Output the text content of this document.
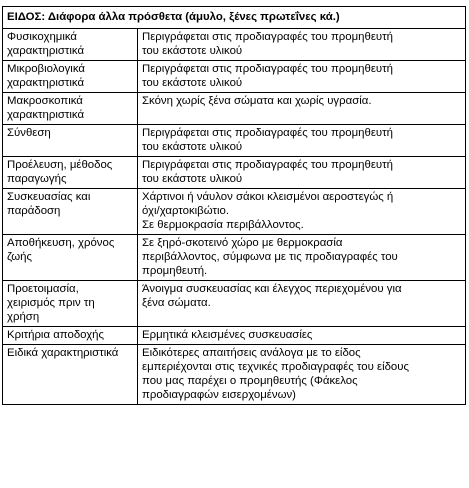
ΕΙΔΟΣ: Διάφορα άλλα πρόσθετα (άμυλο, ξένες πρωτεΐνες κά.)	

Φυσικοχημικά
χαρακτηριστικά	Περιγράφεται στις προδιαγραφές του προμηθευτή
του εκάστοτε υλικού

Μικροβιολογικά
χαρακτηριστικά	Περιγράφεται στις προδιαγραφές του προμηθευτή
του εκάστοτε υλικού

Μακροσκοπικά
χαρακτηριστικά	Σκόνη χωρίς ξένα σώματα και χωρίς υγρασία.

Σύνθεση	Περιγράφεται στις προδιαγραφές του προμηθευτή
του εκάστοτε υλικού

Προέλευση, μέθοδος
παραγωγής	Περιγράφεται στις προδιαγραφές του προμηθευτή
του εκάστοτε υλικού

Συσκευασίας και
παράδοση	Χάρτινοι ή νάυλον σάκοι κλεισμένοι αεροστεγώς ή
όχι/χαρτοκιβώτιο.
Σε θερμοκρασία περιβάλλοντος.

Αποθήκευση, χρόνος
ζωής	Σε ξηρό-σκοτεινό χώρο με θερμοκρασία
περιβάλλοντος, σύμφωνα με τις προδιαγραφές του
προμηθευτή.

Προετοιμασία,
χειρισμός πριν τη
χρήση	Άνοιγμα συσκευασίας και έλεγχος περιεχομένου για
ξένα σώματα.

Κριτήρια αποδοχής	Ερμητικά κλεισμένες συσκευασίες

Ειδικά χαρακτηριστικά	Ειδικότερες απαιτήσεις ανάλογα με το είδος
εμπεριέχονται στις τεχνικές προδιαγραφές του είδους
που μας παρέχει ο προμηθευτής (Φάκελος
προδιαγραφών εισερχομένων)
